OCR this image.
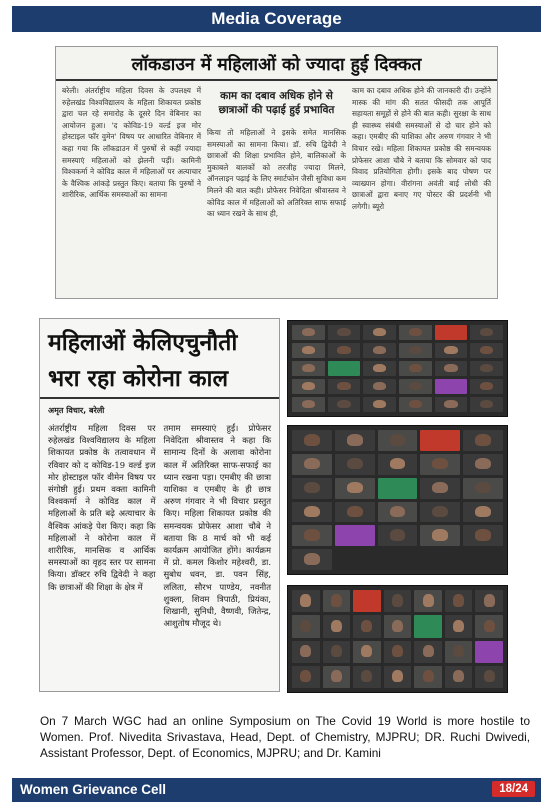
Media Coverage
लॉकडाउन में महिलाओं को ज्यादा हुई दिक्कत
बरेली। अंतर्राष्ट्रीय महिला दिवस के उपलक्ष्य में रुहेलखंड विश्वविद्यालय के महिला शिकायत प्रकोष्ठ द्वारा चल रहे समारोह के दूसरे दिन वेबिनार का आयोजन हुआ। 'द कोविड-19 वर्ल्ड इज मोर होस्टाइल फॉर वुमेन' विषय पर आधारित वेबिनार में कहा गया कि लॉकडाउन में पुरुषों से कहीं ज्यादा समस्याएं महिलाओं को झेलनी पड़ीं। कामिनी विश्वकर्मा ने कोविड काल में महिलाओं पर अत्याचार के वैश्विक आंकड़े प्रस्तुत किए। बताया कि पुरुषों ने शारीरिक, आर्थिक समस्याओं का सामना
काम का दबाव अधिक होने से छात्राओं की पढ़ाई हुई प्रभावित
किया तो महिलाओं ने इसके समेत मानसिक समस्याओं का सामना किया। डॉ. रुचि द्विवेदी ने छात्राओं की शिक्षा प्रभावित होने, बालिकाओं के मुकाबले बालकों को तरजीह ज्यादा मिलने, ऑनलाइन पढ़ाई के लिए स्मार्टफोन जैसी सुविधा कम मिलने की बात कही। प्रोफेसर निवेदिता श्रीवास्तव ने कोविड काल में महिलाओं को अतिरिक्त साफ सफाई का ध्यान रखने के साथ ही,
काम का दबाव अधिक होने की जानकारी दी। उन्होंने मास्क की मांग की सतत फीसदी तक आपूर्ति सहायता समूहों से होने की बात कही। सुरक्षा के साथ ही स्वास्थ्य संबंधी समस्याओं से दो चार होने को कहा। एमबीए की याशिका और अरुण गंगवार ने भी विचार रखे। महिला शिकायत प्रकोष्ठ की समन्वयक प्रोफेसर आशा चौबे ने बताया कि सोमवार को पाद विवाद प्रतियोगिता होगी। इसके बाद पोषण पर व्याख्यान होगा। वीरांगना अवंती बाई लोधी की छात्राओं द्वारा बनाए गए पोस्टर की प्रदर्शनी भी लगेगी। ब्यूरो
महिलाओं केलिएचुनौती
भरा रहा कोरोना काल
अमृत विचार, बरेली
अंतर्राष्ट्रीय महिला दिवस पर रुहेलखंड विश्वविद्यालय के महिला शिकायत प्रकोष्ठ के तत्वावधान में रविवार को द कोविड-19 वर्ल्ड इज मोर होस्टाइल फॉर वीमेन विषय पर संगोष्ठी हुई। प्रथम वक्ता कामिनी विश्वकर्मा ने कोविड काल में महिलाओं के प्रति बढ़े अत्याचार के वैश्विक आंकड़े पेश किए। कहा कि महिलाओं ने कोरोना काल में शारीरिक, मानसिक व आर्थिक समस्याओं का वृहद स्तर पर सामना किया। डॉक्टर रुचि द्विवेदी ने कहा कि छात्राओं की शिक्षा के क्षेत्र में
तमाम समस्याएं हुईं। प्रोफेसर निवेदिता श्रीवास्तव ने कहा कि सामान्य दिनों के अलावा कोरोना काल में अतिरिक्त साफ-सफाई का ध्यान रखना पड़ा। एमबीए की छात्रा याशिका व एमबीए के ही छात्र अरुण गंगवार ने भी विचार प्रस्तुत किए। महिला शिकायत प्रकोष्ठ की समन्वयक प्रोफेसर आशा चौबे ने बताया कि 8 मार्च को भी कई कार्यक्रम आयोजित होंगे। कार्यक्रम में प्रो. कमल किशोर महेश्वरी, डा. सुबोध धवन, डा. पवन सिंह, ललिता, सौरभ पाण्डेय, नवनीत शुक्ला, शिवम त्रिपाठी, प्रियंका, शिखानी, सुनिधी, वैष्णवी, जितेन्द्र, आशुतोष मौजूद थे।
On 7 March WGC had an online Symposium on The Covid 19 World is more hostile to Women. Prof. Nivedita Srivastava, Head, Dept. of Chemistry, MJPRU; DR. Ruchi Dwivedi, Assistant Professor, Dept. of Economics, MJPRU; and Dr. Kamini
Women Grievance Cell	18/24
